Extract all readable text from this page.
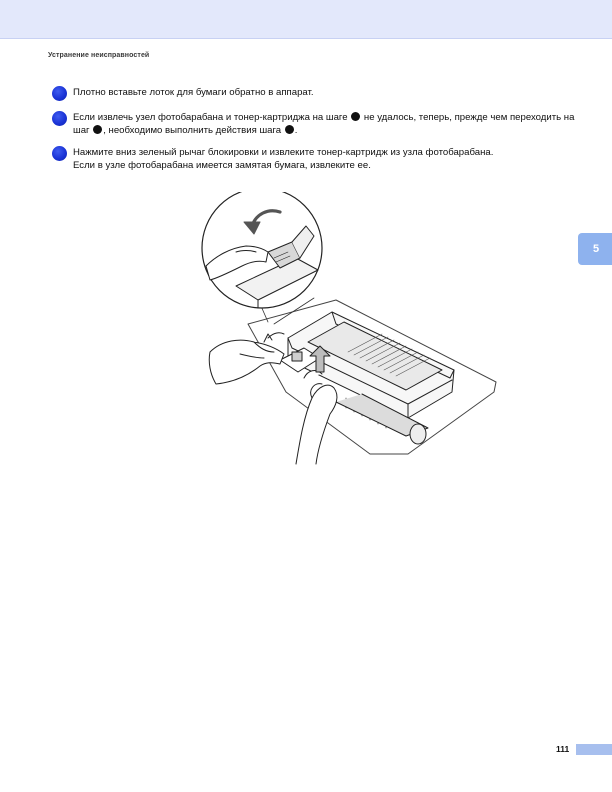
Устранение неисправностей
Плотно вставьте лоток для бумаги обратно в аппарат.
Если извлечь узел фотобарабана и тонер-картриджа на шаге  не удалось, теперь, прежде чем переходить на шаг , необходимо выполнить действия шага .
Нажмите вниз зеленый рычаг блокировки и извлеките тонер-картридж из узла фотобарабана.
Если в узле фотобарабана имеется замятая бумага, извлеките ее.
5
111
